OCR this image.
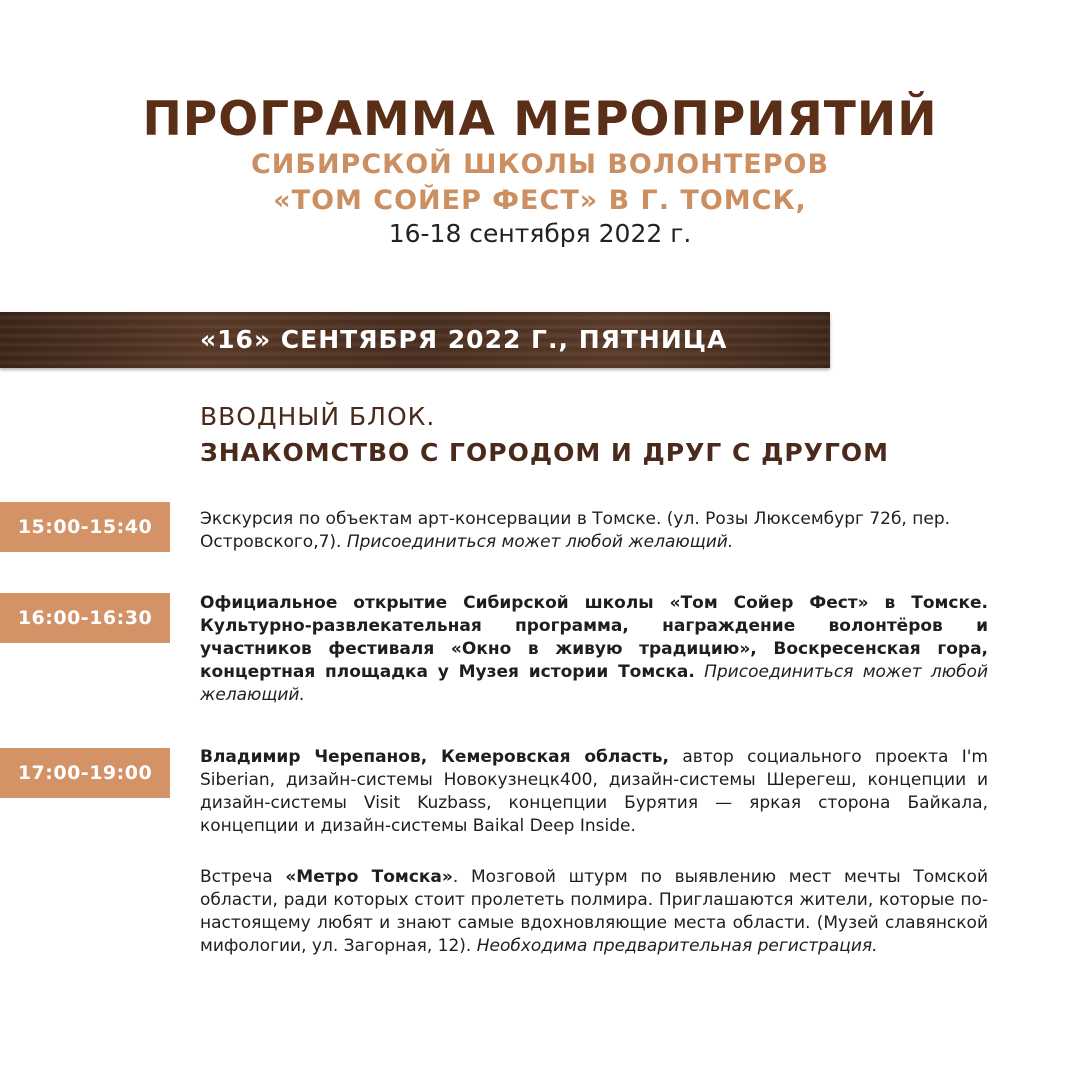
ПРОГРАММА МЕРОПРИЯТИЙ
СИБИРСКОЙ ШКОЛЫ ВОЛОНТЕРОВ
«ТОМ СОЙЕР ФЕСТ» В Г. ТОМСК,
16-18 сентября 2022 г.
«16» СЕНТЯБРЯ 2022 Г., ПЯТНИЦА
ВВОДНЫЙ БЛОК.
ЗНАКОМСТВО С ГОРОДОМ И ДРУГ С ДРУГОМ
15:00-15:40	Экскурсия по объектам арт-консервации в Томске. (ул. Розы Люксембург 72б, пер. Островского,7). Присоединиться может любой желающий.

16:00-16:30

Официальное открытие Сибирской школы «Том Сойер Фест» в Томске. Культурно-развлекательная программа, награждение волонтёров и участников фестиваля «Окно в живую традицию», Воскресенская гора, концертная площадка у Музея истории Томска. Присоединиться может любой желающий.

17:00-19:00

Владимир Черепанов, Кемеровская область, автор социального проекта I'm Siberian, дизайн-системы Новокузнецк400, дизайн-системы Шерегеш, концепции и дизайн-системы Visit Kuzbass, концепции Бурятия — яркая сторона Байкала, концепции и дизайн-системы Baikal Deep Inside.

Встреча «Метро Томска». Мозговой штурм по выявлению мест мечты Томской области, ради которых стоит пролететь полмира. Приглашаются жители, которые по-настоящему любят и знают самые вдохновляющие места области. (Музей славянской мифологии, ул. Загорная, 12). Необходима предварительная регистрация.
